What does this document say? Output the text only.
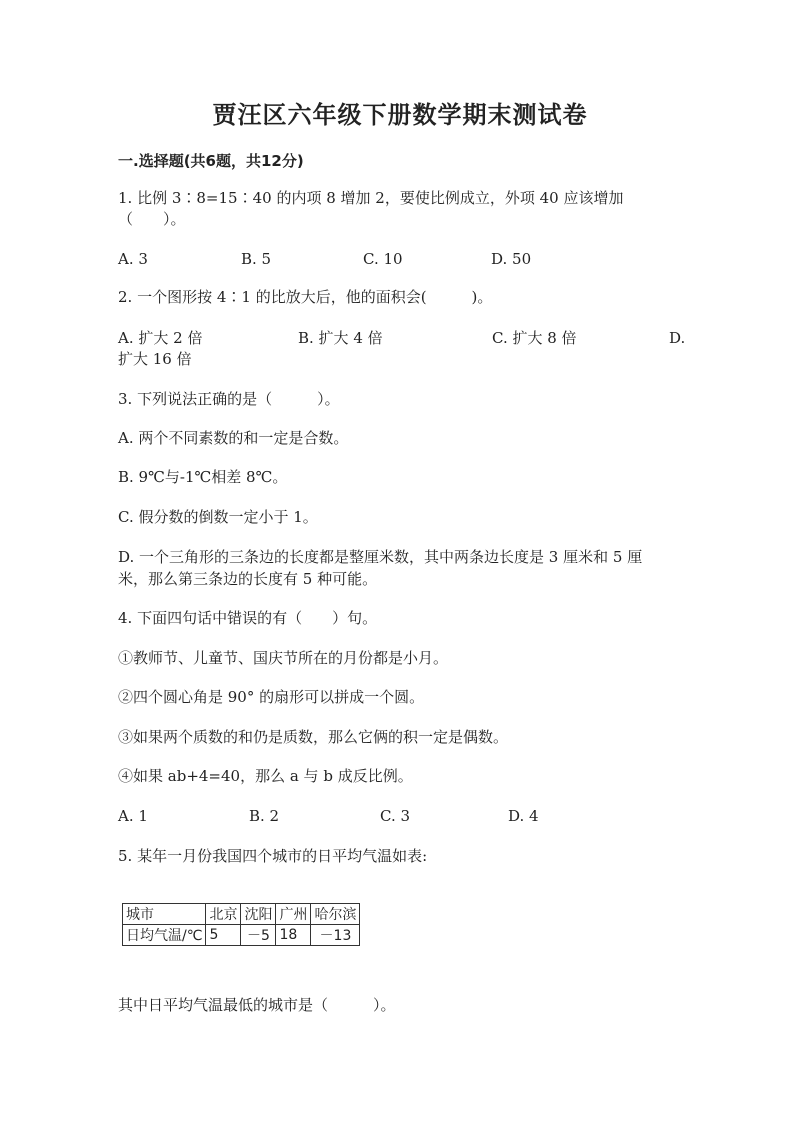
贾汪区六年级下册数学期末测试卷
一.选择题(共6题，共12分)
1. 比例 3∶8=15∶40 的内项 8 增加 2，要使比例成立，外项 40 应该增加
（　　）。
A. 3	B. 5	C. 10	D. 50
2. 一个图形按 4∶1 的比放大后，他的面积会(　　　)。
A. 扩大 2 倍	B. 扩大 4 倍	C. 扩大 8 倍	D.
扩大 16 倍
3. 下列说法正确的是（　　　）。
A. 两个不同素数的和一定是合数。
B. 9℃与-1℃相差 8℃。
C. 假分数的倒数一定小于 1。
D. 一个三角形的三条边的长度都是整厘米数，其中两条边长度是 3 厘米和 5 厘
米，那么第三条边的长度有 5 种可能。
4. 下面四句话中错误的有（　　）句。
①教师节、儿童节、国庆节所在的月份都是小月。
②四个圆心角是 90° 的扇形可以拼成一个圆。
③如果两个质数的和仍是质数，那么它俩的积一定是偶数。
④如果 ab+4=40，那么 a 与 b 成反比例。
A. 1	B. 2	C. 3	D. 4
5. 某年一月份我国四个城市的日平均气温如表:
城市	北京	沈阳	广州	哈尔滨
日均气温/℃	5	－5	18	－13
其中日平均气温最低的城市是（　　　）。
